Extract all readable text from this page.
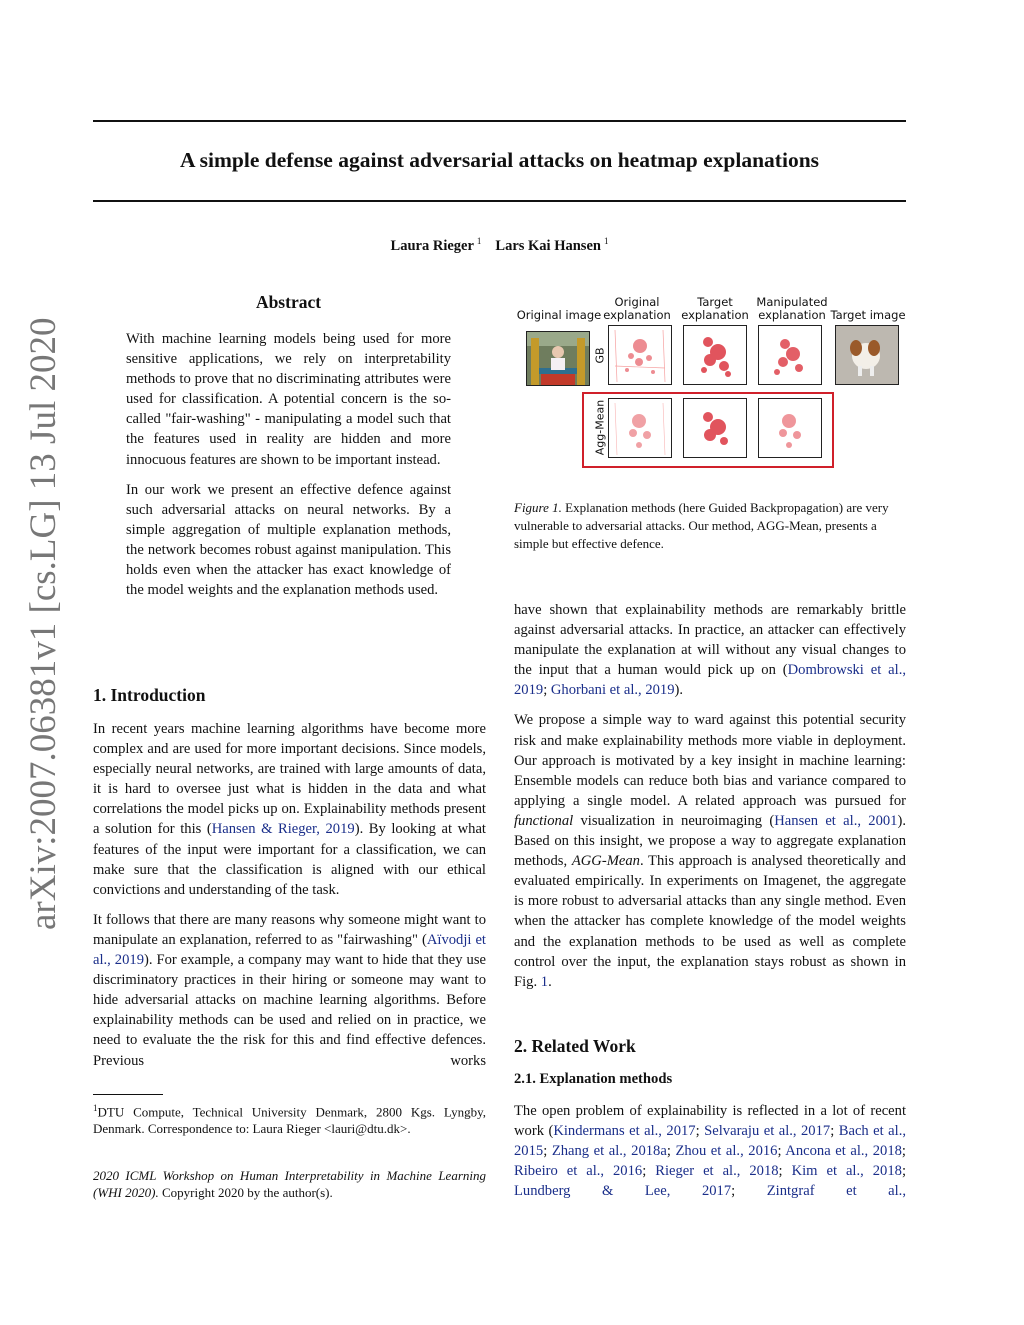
A simple defense against adversarial attacks on heatmap explanations
Laura Rieger $^1$ Lars Kai Hansen $^1$
arXiv:2007.06381v1 [cs.LG] 13 Jul 2020
Abstract

With machine learning models being used for more sensitive applications, we rely on interpretability methods to prove that no discriminating attributes were used for classification. A potential concern is the so-called "fair-washing" - manipulating a model such that the features used in reality are hidden and more innocuous features are shown to be important instead.

In our work we present an effective defence against such adversarial attacks on neural networks. By a simple aggregation of multiple explanation methods, the network becomes robust against manipulation. This holds even when the attacker has exact knowledge of the model weights and the explanation methods used.

1. Introduction

In recent years machine learning algorithms have become more complex and are used for more important decisions. Since models, especially neural networks, are trained with large amounts of data, it is hard to oversee just what is hidden in the data and what correlations the model picks up on. Explainability methods present a solution for this (Hansen & Rieger, 2019). By looking at what features of the input were important for a classification, we can make sure that the classification is aligned with our ethical convictions and understanding of the task.

It follows that there are many reasons why someone might want to manipulate an explanation, referred to as "fairwashing" (Aïvodji et al., 2019). For example, a company may want to hide that they use discriminatory practices in their hiring or someone may want to hide adversarial attacks on machine learning algorithms. Before explainability methods can be used and relied on in practice, we need to evaluate the the risk for this and find effective defences. Previous works

$^1$DTU Compute, Technical University Denmark, 2800 Kgs. Lyngby, Denmark. Correspondence to: Laura Rieger <lauri@dtu.dk>.
2020 ICML Workshop on Human Interpretability in Machine Learning (WHI 2020). Copyright 2020 by the author(s).
Original image
Original explanation
Target explanation
Manipulated explanation Target image
GB
Agg-Mean
Figure 1. Explanation methods (here Guided Backpropagation) are very vulnerable to adversarial attacks. Our method, AGG-Mean, presents a simple but effective defence.

have shown that explainability methods are remarkably brittle against adversarial attacks. In practice, an attacker can effectively manipulate the explanation at will without any visual changes to the input that a human would pick up on (Dombrowski et al., 2019; Ghorbani et al., 2019).

We propose a simple way to ward against this potential security risk and make explainability methods more viable in deployment. Our approach is motivated by a key insight in machine learning: Ensemble models can reduce both bias and variance compared to applying a single model. A related approach was pursued for functional visualization in neuroimaging (Hansen et al., 2001). Based on this insight, we propose a way to aggregate explanation methods, AGG-Mean. This approach is analysed theoretically and evaluated empirically. In experiments on Imagenet, the aggregate is more robust to adversarial attacks than any single method. Even when the attacker has complete knowledge of the model weights and the explanation methods to be used as well as complete control over the input, the explanation stays robust as shown in Fig. 1.

2. Related Work
2.1. Explanation methods

The open problem of explainability is reflected in a lot of recent work (Kindermans et al., 2017; Selvaraju et al., 2017; Bach et al., 2015; Zhang et al., 2018a; Zhou et al., 2016; Ancona et al., 2018; Ribeiro et al., 2016; Rieger et al., 2018; Kim et al., 2018; Lundberg & Lee, 2017; Zintgraf et al.,
